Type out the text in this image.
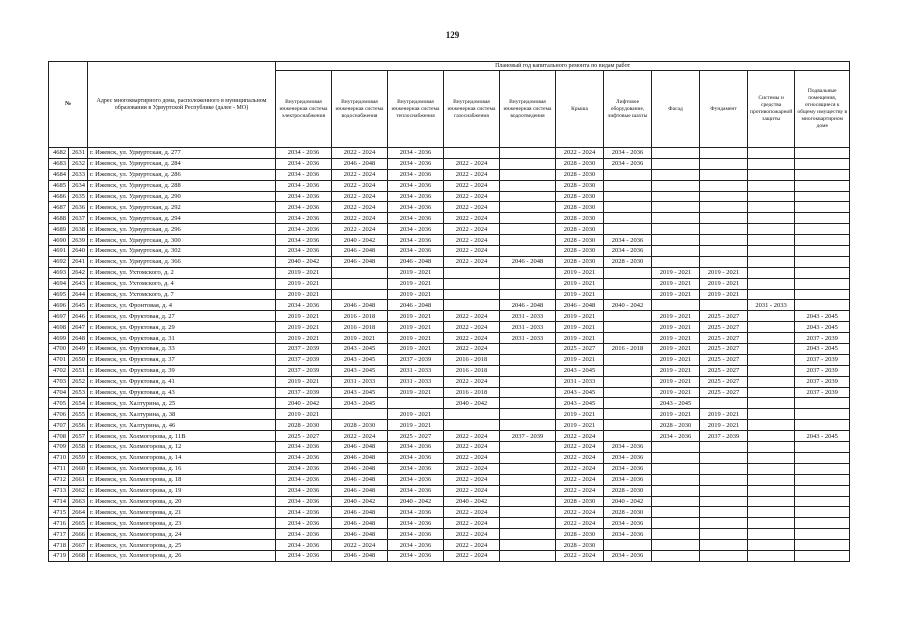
129
№		Адрес многоквартирного дома, расположенного в муниципальном образовании в Удмуртской Республике (далее - МО)	Плановый год капитального ремонта по видам работ										
			Внутридомовая инженерная система электроснабжения	Внутридомовая инженерная система водоснабжения	Внутридомовая инженерная система теплоснабжения	Внутридомовая инженерная система газоснабжения	Внутридомовая инженерная система водоотведения	Крыша	Лифтовое оборудование, лифтовые шахты	Фасад	Фундамент	Системы и средства противопожарной защиты	Подвальные помещения, относящиеся к общему имуществу в многоквартирном доме
4682	2631	г. Ижевск, ул. Удмуртская, д. 277	2034 - 2036	2022 - 2024	2034 - 2036			2022 - 2024	2034 - 2036				
4683	2632	г. Ижевск, ул. Удмуртская, д. 284	2034 - 2036	2046 - 2048	2034 - 2036	2022 - 2024		2028 - 2030	2034 - 2036				
4684	2633	г. Ижевск, ул. Удмуртская, д. 286	2034 - 2036	2022 - 2024	2034 - 2036	2022 - 2024		2028 - 2030					
4685	2634	г. Ижевск, ул. Удмуртская, д. 288	2034 - 2036	2022 - 2024	2034 - 2036	2022 - 2024		2028 - 2030					
4686	2635	г. Ижевск, ул. Удмуртская, д. 290	2034 - 2036	2022 - 2024	2034 - 2036	2022 - 2024		2028 - 2030					
4687	2636	г. Ижевск, ул. Удмуртская, д. 292	2034 - 2036	2022 - 2024	2034 - 2036	2022 - 2024		2028 - 2030					
4688	2637	г. Ижевск, ул. Удмуртская, д. 294	2034 - 2036	2022 - 2024	2034 - 2036	2022 - 2024		2028 - 2030					
4689	2638	г. Ижевск, ул. Удмуртская, д. 296	2034 - 2036	2022 - 2024	2034 - 2036	2022 - 2024		2028 - 2030					
4690	2639	г. Ижевск, ул. Удмуртская, д. 300	2034 - 2036	2040 - 2042	2034 - 2036	2022 - 2024		2028 - 2030	2034 - 2036				
4691	2640	г. Ижевск, ул. Удмуртская, д. 302	2034 - 2036	2046 - 2048	2034 - 2036	2022 - 2024		2028 - 2030	2034 - 2036				
4692	2641	г. Ижевск, ул. Удмуртская, д. 366	2040 - 2042	2046 - 2048	2046 - 2048	2022 - 2024	2046 - 2048	2028 - 2030	2028 - 2030				
4693	2642	г. Ижевск, ул. Ухтомского, д. 2	2019 - 2021		2019 - 2021			2019 - 2021		2019 - 2021	2019 - 2021		
4694	2643	г. Ижевск, ул. Ухтомского, д. 4	2019 - 2021		2019 - 2021			2019 - 2021		2019 - 2021	2019 - 2021		
4695	2644	г. Ижевск, ул. Ухтомского, д. 7	2019 - 2021		2019 - 2021			2019 - 2021		2019 - 2021	2019 - 2021		
4696	2645	г. Ижевск, ул. Фронтовая, д. 4	2034 - 2036	2046 - 2048	2046 - 2048		2046 - 2048	2046 - 2048	2040 - 2042			2031 - 2033	
4697	2646	г. Ижевск, ул. Фруктовая, д. 27	2019 - 2021	2016 - 2018	2019 - 2021	2022 - 2024	2031 - 2033	2019 - 2021		2019 - 2021	2025 - 2027		2043 - 2045
4698	2647	г. Ижевск, ул. Фруктовая, д. 29	2019 - 2021	2016 - 2018	2019 - 2021	2022 - 2024	2031 - 2033	2019 - 2021		2019 - 2021	2025 - 2027		2043 - 2045
4699	2648	г. Ижевск, ул. Фруктовая, д. 31	2019 - 2021	2019 - 2021	2019 - 2021	2022 - 2024	2031 - 2033	2019 - 2021		2019 - 2021	2025 - 2027		2037 - 2039
4700	2649	г. Ижевск, ул. Фруктовая, д. 33	2037 - 2039	2043 - 2045	2019 - 2021	2022 - 2024		2025 - 2027	2016 - 2018	2019 - 2021	2025 - 2027		2043 - 2045
4701	2650	г. Ижевск, ул. Фруктовая, д. 37	2037 - 2039	2043 - 2045	2037 - 2039	2016 - 2018		2019 - 2021		2019 - 2021	2025 - 2027		2037 - 2039
4702	2651	г. Ижевск, ул. Фруктовая, д. 39	2037 - 2039	2043 - 2045	2031 - 2033	2016 - 2018		2043 - 2045		2019 - 2021	2025 - 2027		2037 - 2039
4703	2652	г. Ижевск, ул. Фруктовая, д. 41	2019 - 2021	2031 - 2033	2031 - 2033	2022 - 2024		2031 - 2033		2019 - 2021	2025 - 2027		2037 - 2039
4704	2653	г. Ижевск, ул. Фруктовая, д. 43	2037 - 2039	2043 - 2045	2019 - 2021	2016 - 2018		2043 - 2045		2019 - 2021	2025 - 2027		2037 - 2039
4705	2654	г. Ижевск, ул. Халтурина, д. 25	2040 - 2042	2043 - 2045		2040 - 2042		2043 - 2045		2043 - 2045			
4706	2655	г. Ижевск, ул. Халтурина, д. 38	2019 - 2021		2019 - 2021			2019 - 2021		2019 - 2021	2019 - 2021		
4707	2656	г. Ижевск, ул. Халтурина, д. 46	2028 - 2030	2028 - 2030	2019 - 2021			2019 - 2021		2028 - 2030	2019 - 2021		
4708	2657	г. Ижевск, ул. Холмогорова, д. 11В	2025 - 2027	2022 - 2024	2025 - 2027	2022 - 2024	2037 - 2039	2022 - 2024		2034 - 2036	2037 - 2039		2043 - 2045
4709	2658	г. Ижевск, ул. Холмогорова, д. 12	2034 - 2036	2046 - 2048	2034 - 2036	2022 - 2024		2022 - 2024	2034 - 2036				
4710	2659	г. Ижевск, ул. Холмогорова, д. 14	2034 - 2036	2046 - 2048	2034 - 2036	2022 - 2024		2022 - 2024	2034 - 2036				
4711	2660	г. Ижевск, ул. Холмогорова, д. 16	2034 - 2036	2046 - 2048	2034 - 2036	2022 - 2024		2022 - 2024	2034 - 2036				
4712	2661	г. Ижевск, ул. Холмогорова, д. 18	2034 - 2036	2046 - 2048	2034 - 2036	2022 - 2024		2022 - 2024	2034 - 2036				
4713	2662	г. Ижевск, ул. Холмогорова, д. 19	2034 - 2036	2046 - 2048	2034 - 2036	2022 - 2024		2022 - 2024	2028 - 2030				
4714	2663	г. Ижевск, ул. Холмогорова, д. 20	2034 - 2036	2040 - 2042	2040 - 2042	2040 - 2042		2028 - 2030	2040 - 2042				
4715	2664	г. Ижевск, ул. Холмогорова, д. 21	2034 - 2036	2046 - 2048	2034 - 2036	2022 - 2024		2022 - 2024	2028 - 2030				
4716	2665	г. Ижевск, ул. Холмогорова, д. 23	2034 - 2036	2046 - 2048	2034 - 2036	2022 - 2024		2022 - 2024	2034 - 2036				
4717	2666	г. Ижевск, ул. Холмогорова, д. 24	2034 - 2036	2046 - 2048	2034 - 2036	2022 - 2024		2028 - 2030	2034 - 2036				
4718	2667	г. Ижевск, ул. Холмогорова, д. 25	2034 - 2036	2022 - 2024	2034 - 2036	2022 - 2024		2028 - 2030					
4719	2668	г. Ижевск, ул. Холмогорова, д. 26	2034 - 2036	2046 - 2048	2034 - 2036	2022 - 2024		2022 - 2024	2034 - 2036				
